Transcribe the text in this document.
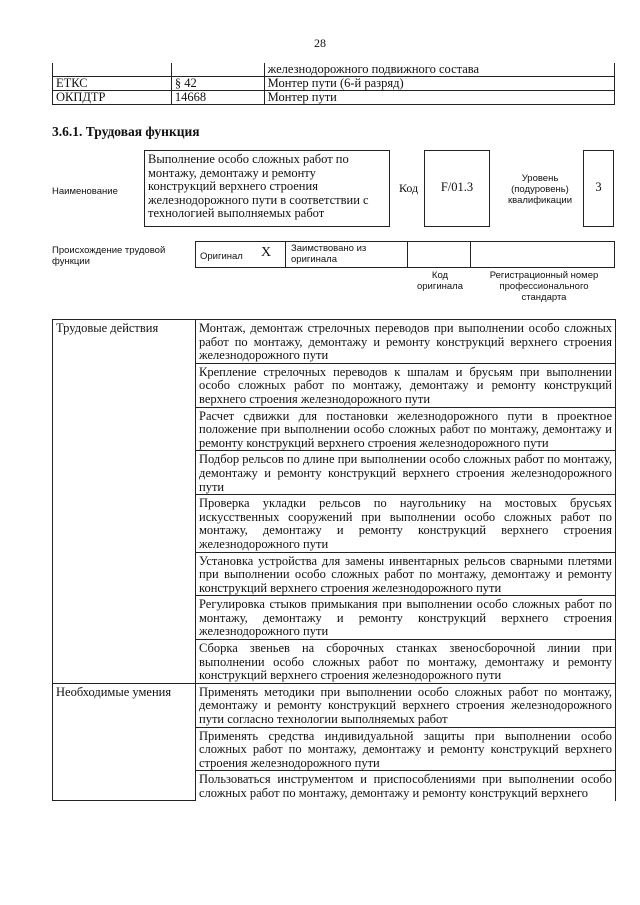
28
		железнодорожного подвижного состава
ЕТКС	§ 42	Монтер пути (6-й разряд)
ОКПДТР	14668	Монтер пути
3.6.1. Трудовая функция
Наименование
Выполнение особо сложных работ по монтажу, демонтажу и ремонту конструкций верхнего строения железнодорожного пути в соответствии с технологией выполняемых работ
Код	F/01.3
Уровень (подуровень) квалификации
3
Происхождение трудовой функции	Оригинал X Заимствовано из оригинала
Код оригинала
Регистрационный номер профессионального стандарта
Трудовые действия	Монтаж, демонтаж стрелочных переводов при выполнении особо сложных работ по монтажу, демонтажу и ремонту конструкций верхнего строения железнодорожного пути
	Крепление стрелочных переводов к шпалам и брусьям при выполнении особо сложных работ по монтажу, демонтажу и ремонту конструкций верхнего строения железнодорожного пути
	Расчет сдвижки для постановки железнодорожного пути в проектное положение при выполнении особо сложных работ по монтажу, демонтажу и ремонту конструкций верхнего строения железнодорожного пути
	Подбор рельсов по длине при выполнении особо сложных работ по монтажу, демонтажу и ремонту конструкций верхнего строения железнодорожного пути
	Проверка укладки рельсов по наугольнику на мостовых брусьях искусственных сооружений при выполнении особо сложных работ по монтажу, демонтажу и ремонту конструкций верхнего строения железнодорожного пути
	Установка устройства для замены инвентарных рельсов сварными плетями при выполнении особо сложных работ по монтажу, демонтажу и ремонту конструкций верхнего строения железнодорожного пути
	Регулировка стыков примыкания при выполнении особо сложных работ по монтажу, демонтажу и ремонту конструкций верхнего строения железнодорожного пути
	Сборка звеньев на сборочных станках звеносборочной линии при выполнении особо сложных работ по монтажу, демонтажу и ремонту конструкций верхнего строения железнодорожного пути
Необходимые умения	Применять методики при выполнении особо сложных работ по монтажу, демонтажу и ремонту конструкций верхнего строения железнодорожного пути согласно технологии выполняемых работ
	Применять средства индивидуальной защиты при выполнении особо сложных работ по монтажу, демонтажу и ремонту конструкций верхнего строения железнодорожного пути
	Пользоваться инструментом и приспособлениями при выполнении особо сложных работ по монтажу, демонтажу и ремонту конструкций верхнего
